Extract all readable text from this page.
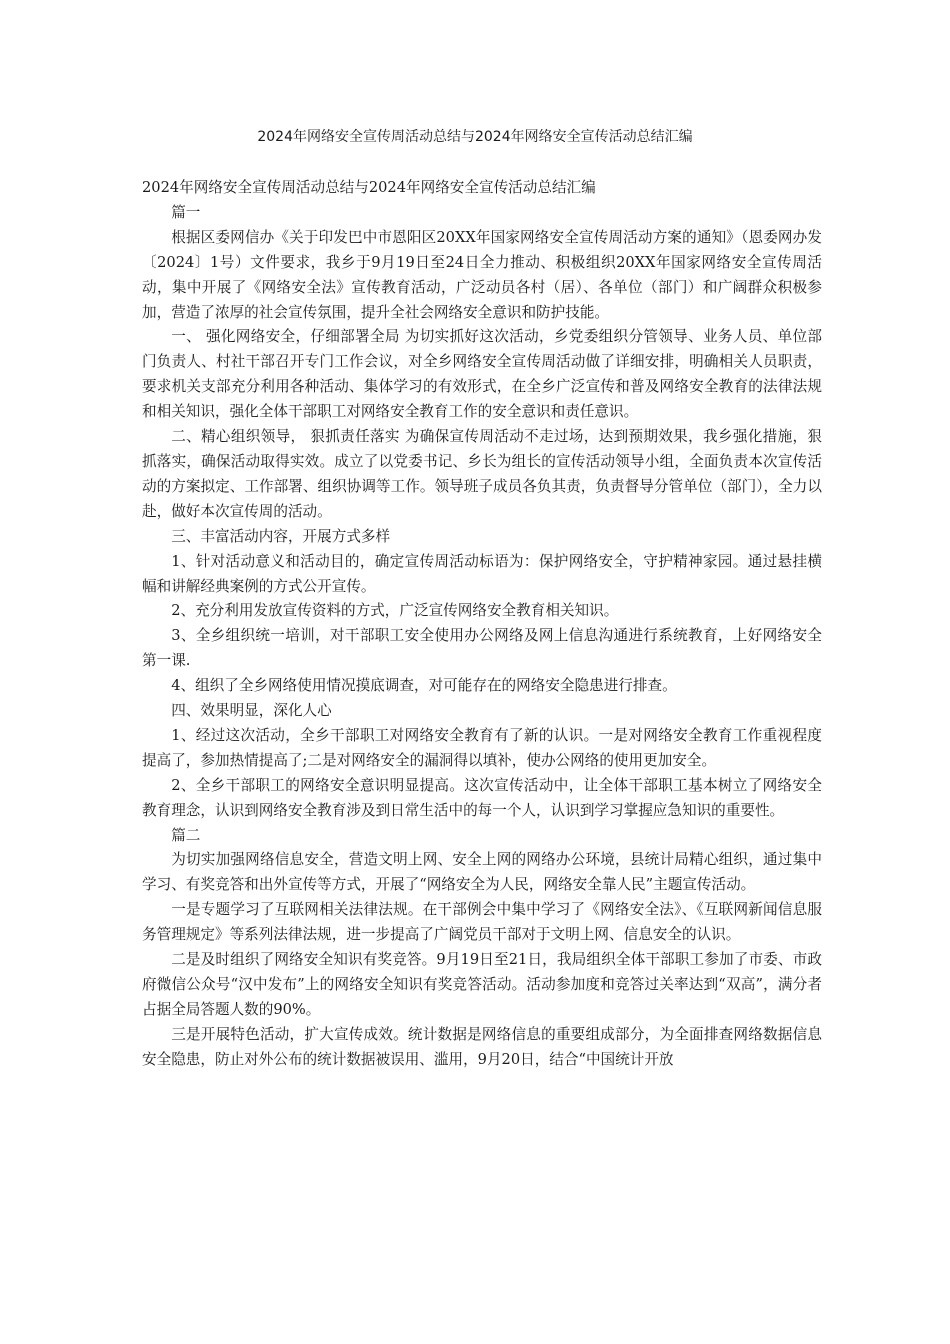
2024年网络安全宣传周活动总结与2024年网络安全宣传活动总结汇编

2024年网络安全宣传周活动总结与2024年网络安全宣传活动总结汇编

篇一

根据区委网信办《关于印发巴中市恩阳区20XX年国家网络安全宣传周活动方案的通知》（恩委网办发〔2024〕1号）文件要求，我乡于9月19日至24日全力推动、积极组织20XX年国家网络安全宣传周活动，集中开展了《网络安全法》宣传教育活动，广泛动员各村（居）、各单位（部门）和广阔群众积极参加，营造了浓厚的社会宣传氛围，提升全社会网络安全意识和防护技能。

一、 强化网络安全，仔细部署全局 为切实抓好这次活动，乡党委组织分管领导、业务人员、单位部门负责人、村社干部召开专门工作会议，对全乡网络安全宣传周活动做了详细安排，明确相关人员职责，要求机关支部充分利用各种活动、集体学习的有效形式，在全乡广泛宣传和普及网络安全教育的法律法规和相关知识，强化全体干部职工对网络安全教育工作的安全意识和责任意识。

二、精心组织领导， 狠抓责任落实 为确保宣传周活动不走过场，达到预期效果，我乡强化措施，狠抓落实，确保活动取得实效。成立了以党委书记、乡长为组长的宣传活动领导小组，全面负责本次宣传活动的方案拟定、工作部署、组织协调等工作。领导班子成员各负其责，负责督导分管单位（部门），全力以赴，做好本次宣传周的活动。

三、丰富活动内容，开展方式多样

1、针对活动意义和活动目的，确定宣传周活动标语为：保护网络安全，守护精神家园。通过悬挂横幅和讲解经典案例的方式公开宣传。

2、充分利用发放宣传资料的方式，广泛宣传网络安全教育相关知识。

3、全乡组织统一培训，对干部职工安全使用办公网络及网上信息沟通进行系统教育，上好网络安全第一课.

4、组织了全乡网络使用情况摸底调查，对可能存在的网络安全隐患进行排查。

四、效果明显，深化人心

1、经过这次活动，全乡干部职工对网络安全教育有了新的认识。一是对网络安全教育工作重视程度提高了，参加热情提高了;二是对网络安全的漏洞得以填补，使办公网络的使用更加安全。

2、全乡干部职工的网络安全意识明显提高。这次宣传活动中，让全体干部职工基本树立了网络安全教育理念，认识到网络安全教育涉及到日常生活中的每一个人，认识到学习掌握应急知识的重要性。

篇二

为切实加强网络信息安全，营造文明上网、安全上网的网络办公环境，县统计局精心组织，通过集中学习、有奖竞答和出外宣传等方式，开展了“网络安全为人民，网络安全靠人民”主题宣传活动。

一是专题学习了互联网相关法律法规。在干部例会中集中学习了《网络安全法》、《互联网新闻信息服务管理规定》等系列法律法规，进一步提高了广阔党员干部对于文明上网、信息安全的认识。

二是及时组织了网络安全知识有奖竞答。9月19日至21日，我局组织全体干部职工参加了市委、市政府微信公众号“汉中发布”上的网络安全知识有奖竞答活动。活动参加度和竞答过关率达到“双高”，满分者占据全局答题人数的90%。

三是开展特色活动，扩大宣传成效。统计数据是网络信息的重要组成部分，为全面排查网络数据信息安全隐患，防止对外公布的统计数据被误用、滥用，9月20日，结合“中国统计开放
